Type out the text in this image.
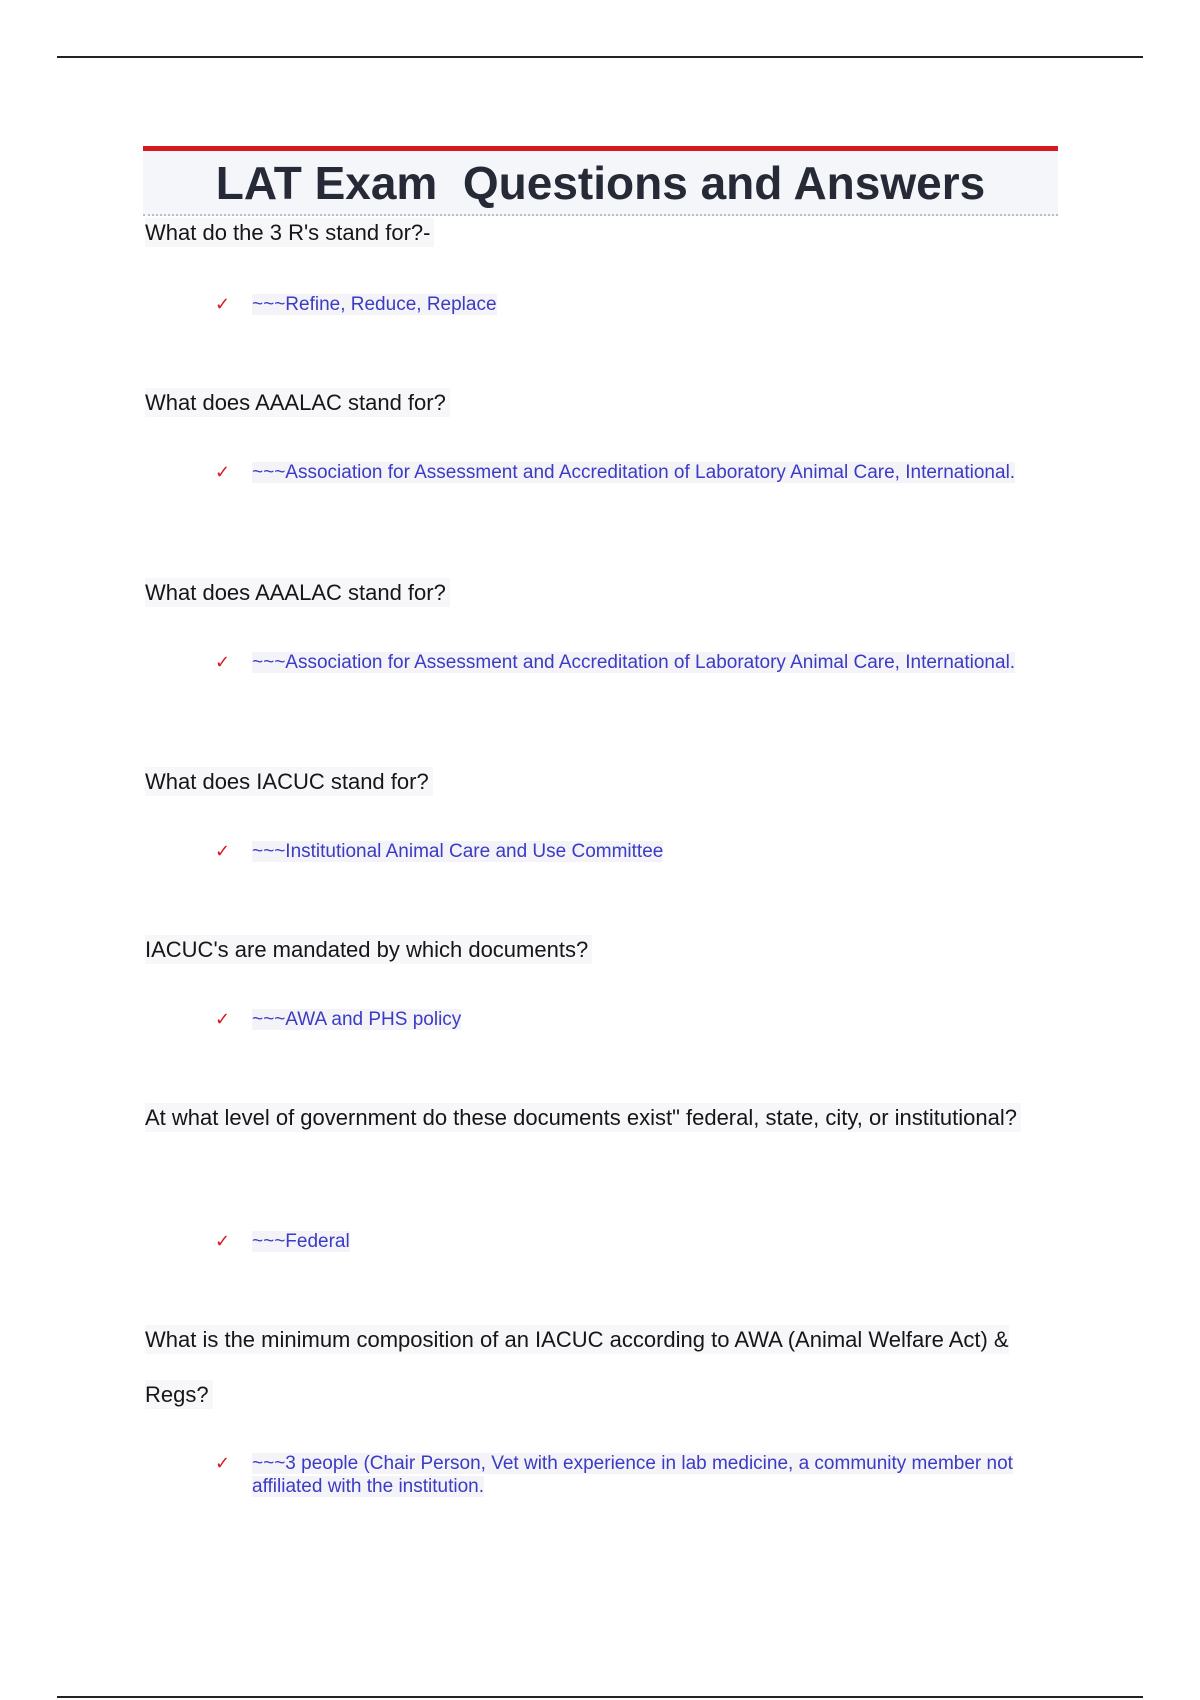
LAT Exam  Questions and Answers
What do the 3 R's stand for?-
✓	~~~Refine, Reduce, Replace
What does AAALAC stand for?
✓	~~~Association for Assessment and Accreditation of Laboratory Animal Care, International.
What does AAALAC stand for?
✓	~~~Association for Assessment and Accreditation of Laboratory Animal Care, International.
What does IACUC stand for?
✓	~~~Institutional Animal Care and Use Committee
IACUC's are mandated by which documents?
✓	~~~AWA and PHS policy
At what level of government do these documents exist" federal, state, city, or institutional?
✓	~~~Federal
What is the minimum composition of an IACUC according to AWA (Animal Welfare Act) & Regs?
✓	~~~3 people (Chair Person, Vet with experience in lab medicine, a community member not affiliated with the institution.
